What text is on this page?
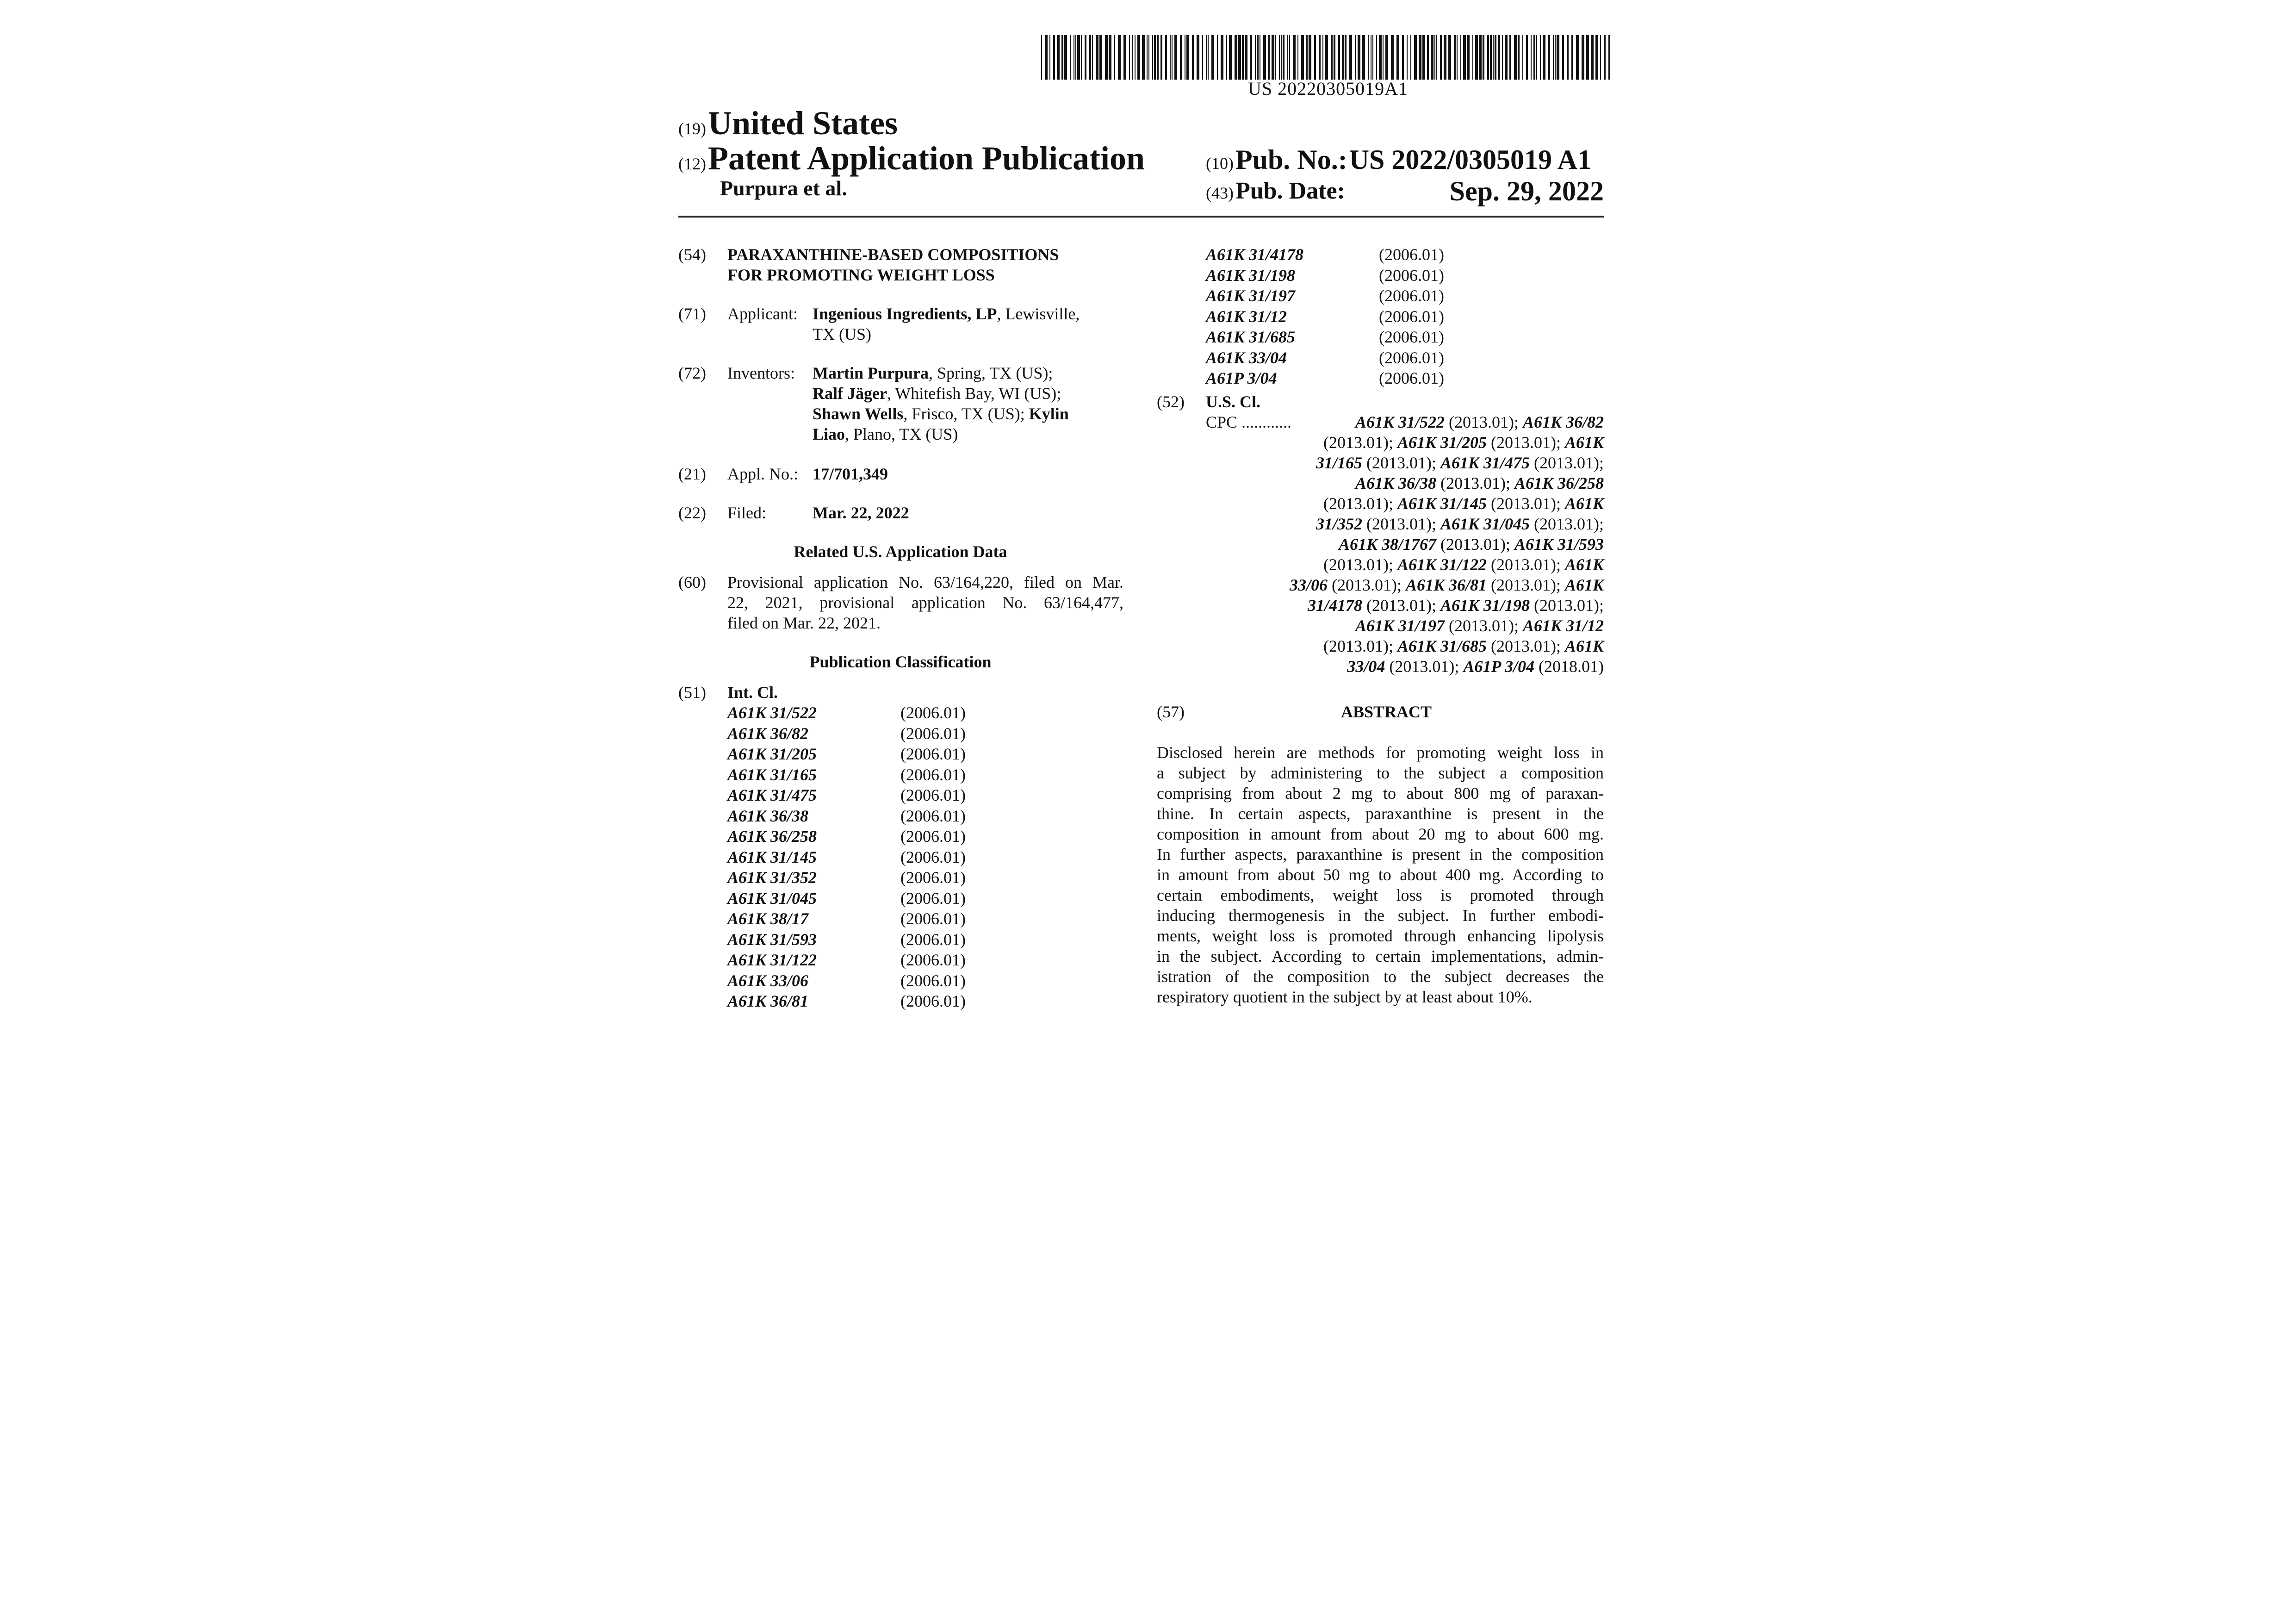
US 20220305019A1
(19) United States
(12) Patent Application Publication
Purpura et al.
(10) Pub. No.: US 2022/0305019 A1
(43) Pub. Date:	Sep. 29, 2022
(54) PARAXANTHINE-BASED COMPOSITIONS
FOR PROMOTING WEIGHT LOSS
(71) Applicant: Ingenious Ingredients, LP, Lewisville,
TX (US)
(72) Inventors: Martin Purpura, Spring, TX (US);
Ralf Jäger, Whitefish Bay, WI (US);
Shawn Wells, Frisco, TX (US); Kylin
Liao, Plano, TX (US)
(21) Appl. No.: 17/701,349
(22) Filed:	Mar. 22, 2022
Related U.S. Application Data
(60) Provisional application No. 63/164,220, filed on Mar.
22, 2021, provisional application No. 63/164,477,
filed on Mar. 22, 2021.
Publication Classification
(51) Int. Cl.
A61K 31/522	(2006.01)
A61K 36/82	(2006.01)
A61K 31/205	(2006.01)
A61K 31/165	(2006.01)
A61K 31/475	(2006.01)
A61K 36/38	(2006.01)
A61K 36/258	(2006.01)
A61K 31/145	(2006.01)
A61K 31/352	(2006.01)
A61K 31/045	(2006.01)
A61K 38/17	(2006.01)
A61K 31/593	(2006.01)
A61K 31/122	(2006.01)
A61K 33/06	(2006.01)
A61K 36/81	(2006.01)
A61K 31/4178	(2006.01)
A61K 31/198	(2006.01)
A61K 31/197	(2006.01)
A61K 31/12	(2006.01)
A61K 31/685	(2006.01)
A61K 33/04	(2006.01)
A61P 3/04	(2006.01)
(52) U.S. Cl.

CPC ............	A61K 31/522 (2013.01); A61K 36/82

(2013.01); A61K 31/205 (2013.01); A61K

31/165 (2013.01); A61K 31/475 (2013.01);

A61K 36/38 (2013.01); A61K 36/258

(2013.01); A61K 31/145 (2013.01); A61K

31/352 (2013.01); A61K 31/045 (2013.01);

A61K 38/1767 (2013.01); A61K 31/593

(2013.01); A61K 31/122 (2013.01); A61K

33/06 (2013.01); A61K 36/81 (2013.01); A61K

31/4178 (2013.01); A61K 31/198 (2013.01);

A61K 31/197 (2013.01); A61K 31/12

(2013.01); A61K 31/685 (2013.01); A61K

33/04 (2013.01); A61P 3/04 (2018.01)

(57)	ABSTRACT

Disclosed herein are methods for promoting weight loss in

a subject by administering to the subject a composition

comprising from about 2 mg to about 800 mg of paraxan-

thine. In certain aspects, paraxanthine is present in the

composition in amount from about 20 mg to about 600 mg.

In further aspects, paraxanthine is present in the composition

in amount from about 50 mg to about 400 mg. According to

certain embodiments, weight loss is promoted through

inducing thermogenesis in the subject. In further embodi-

ments, weight loss is promoted through enhancing lipolysis

in the subject. According to certain implementations, admin-

istration of the composition to the subject decreases the

respiratory quotient in the subject by at least about 10%.
